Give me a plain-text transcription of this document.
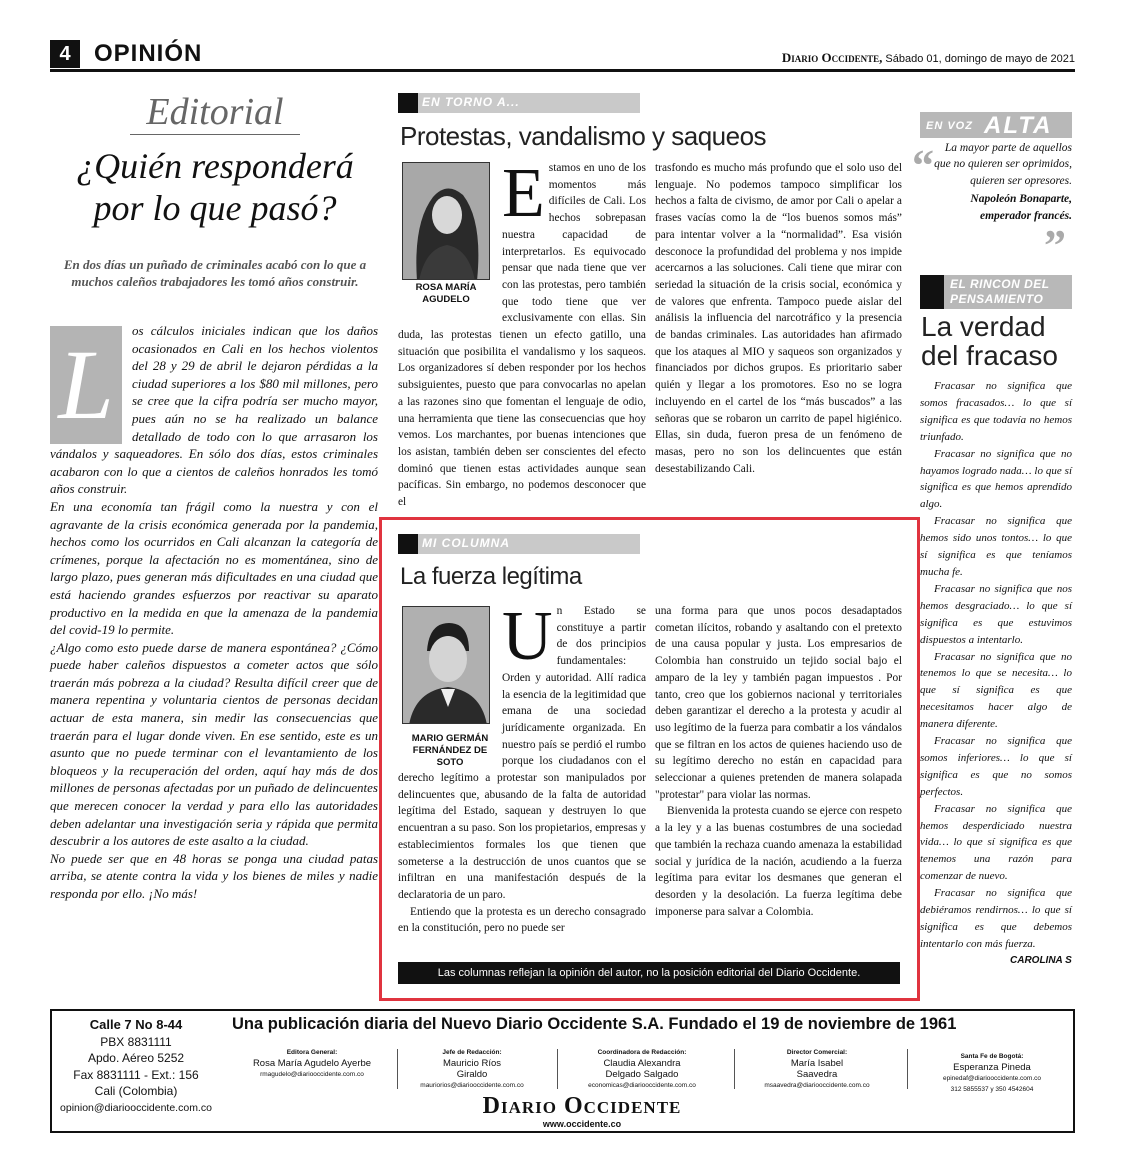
4 OPINIÓN	Diario Occidente, Sábado 01, domingo de mayo de 2021
Editorial
¿Quién responderá por lo que pasó?
En dos días un puñado de criminales acabó con lo que a muchos caleños trabajadores les tomó años construir.
L	os cálculos iniciales indican que los daños ocasionados en Cali en los hechos violentos del 28 y 29 de abril le dejaron pérdidas a la ciudad superiores a los $80 mil millones, pero se cree que la cifra podría ser mucho mayor, pues aún no se ha realizado un balance detallado de todo con lo que arrasaron los vándalos y saqueadores. En sólo dos días, estos criminales acabaron con lo que a cientos de caleños honrados les tomó años construir.

En una economía tan frágil como la nuestra y con el agravante de la crisis económica generada por la pandemia, hechos como los ocurridos en Cali alcanzan la categoría de crímenes, porque la afectación no es momentánea, sino de largo plazo, pues generan más dificultades en una ciudad que está haciendo grandes esfuerzos por reactivar su aparato productivo en la medida en que la amenaza de la pandemia del covid-19 lo permite.

¿Algo como esto puede darse de manera espontánea? ¿Cómo puede haber caleños dispuestos a cometer actos que sólo traerán más pobreza a la ciudad? Resulta difícil creer que de manera repentina y voluntaria cientos de personas decidan actuar de esta manera, sin medir las consecuencias que traerán para el lugar donde viven. En ese sentido, este es un asunto que no puede terminar con el levantamiento de los bloqueos y la recuperación del orden, aquí hay más de dos millones de personas afectadas por un puñado de delincuentes que merecen conocer la verdad y para ello las autoridades deben adelantar una investigación seria y rápida que permita descubrir a los autores de este asalto a la ciudad.

No puede ser que en 48 horas se ponga una ciudad patas arriba, se atente contra la vida y los bienes de miles y nadie responda por ello. ¡No más!

EN TORNO A...
Protestas, vandalismo y saqueos
ROSA MARÍA AGUDELO
E stamos en uno de los momentos más difíciles de Cali. Los hechos sobrepasan nuestra capacidad de interpretarlos. Es equivocado pensar que nada tiene que ver con las protestas, pero también que todo tiene que ver exclusivamente con ellas. Sin duda, las protestas tienen un efecto gatillo, una situación que posibilita el vandalismo y los saqueos. Los organizadores sí deben responder por los hechos subsiguientes, puesto que para convocarlas no apelan a las razones sino que fomentan el lenguaje de odio, una herramienta que tiene las consecuencias que hoy vemos. Los marchantes, por buenas intenciones que los asistan, también deben ser conscientes del efecto dominó que tienen estas actividades aunque sean pacíficas. Sin embargo, no podemos desconocer que el

trasfondo es mucho más profundo que el solo uso del lenguaje. No podemos tampoco simplificar los hechos a falta de civismo, de amor por Cali o apelar a frases vacías como la de “los buenos somos más” para intentar volver a la “normalidad”. Esa visión desconoce la profundidad del problema y nos impide acercarnos a las soluciones. Cali tiene que mirar con seriedad la situación de la crisis social, económica y de valores que enfrenta. Tampoco puede aislar del análisis la influencia del narcotráfico y la presencia de bandas criminales. Las autoridades han afirmado que los ataques al MIO y saqueos son organizados y financiados por dichos grupos. Es prioritario saber quién y llegar a los promotores. Eso no se logra incluyendo en el cartel de los “más buscados” a las señoras que se robaron un carrito de papel higiénico. Ellas, sin duda, fueron presa de un fenómeno de masas, pero no son los delincuentes que están desestabilizando Cali.

MI COLUMNA
La fuerza legítima
MARIO GERMÁN FERNÁNDEZ DE SOTO
U n Estado se constituye a partir de dos principios fundamentales: Orden y autoridad. Allí radica la esencia de la legitimidad que emana de una sociedad jurídicamente organizada. En nuestro país se perdió el rumbo porque los ciudadanos con el derecho legítimo a protestar son manipulados por delincuentes que, abusando de la falta de autoridad legítima del Estado, saquean y destruyen lo que encuentran a su paso. Son los propietarios, empresas y establecimientos formales los que tienen que someterse a la destrucción de unos cuantos que se infiltran en una manifestación después de la declaratoria de un paro.

Entiendo que la protesta es un derecho consagrado en la constitución, pero no puede ser

una forma para que unos pocos desadaptados cometan ilícitos, robando y asaltando con el pretexto de una causa popular y justa. Los empresarios de Colombia han construido un tejido social bajo el amparo de la ley y también pagan impuestos . Por tanto, creo que los gobiernos nacional y territoriales deben garantizar el derecho a la protesta y acudir al uso legítimo de la fuerza para combatir a los vándalos que se filtran en los actos de quienes haciendo uso de su legítimo derecho no están en capacidad para seleccionar a quienes pretenden de manera solapada "protestar" para violar las normas.

Bienvenida la protesta cuando se ejerce con respeto a la ley y a las buenas costumbres de una sociedad que también la rechaza cuando amenaza la estabilidad social y jurídica de la nación, acudiendo a la fuerza legítima para evitar los desmanes que generan el desorden y la desolación. La fuerza legítima debe imponerse para salvar a Colombia.

Las columnas reflejan la opinión del autor, no la posición editorial del Diario Occidente.
EN VOZ ALTA
“ La mayor parte de aquellos que no quieren ser oprimidos, quieren ser opresores.

Napoleón Bonaparte, emperador francés.

”
EL RINCON DEL PENSAMIENTO
La verdad del fracaso

Fracasar no significa que somos fracasados… lo que sí significa es que todavía no hemos triunfado.

Fracasar no significa que no hayamos logrado nada… lo que sí significa es que hemos aprendido algo.

Fracasar no significa que hemos sido unos tontos… lo que sí significa es que teníamos mucha fe.

Fracasar no significa que nos hemos desgraciado… lo que sí significa es que estuvimos dispuestos a intentarlo.

Fracasar no significa que no tenemos lo que se necesita… lo que sí significa es que necesitamos hacer algo de manera diferente.

Fracasar no significa que somos inferiores… lo que sí significa es que no somos perfectos.

Fracasar no significa que hemos desperdiciado nuestra vida… lo que sí significa es que tenemos una razón para comenzar de nuevo.

Fracasar no significa que debiéramos rendirnos… lo que sí significa es que debemos intentarlo con más fuerza.

CAROLINA S
Calle 7 No 8-44
PBX 8831111
Apdo. Aéreo 5252
Fax 8831111 - Ext.: 156
Cali (Colombia)
opinion@diariooccidente.com.co
Una publicación diaria del Nuevo Diario Occidente S.A. Fundado el 19 de noviembre de 1961
Editora General:
Rosa María Agudelo Ayerbe
rmagudelo@diariooccidente.com.co
Jefe de Redacción:
Mauricio Ríos Giraldo
mauriorios@diariooccidente.com.co
Coordinadora de Redacción:
Claudia Alexandra Delgado Salgado
economicas@diariooccidente.com.co
Director Comercial:
María Isabel Saavedra
msaavedra@diariooccidente.com.co
Santa Fe de Bogotá:
Esperanza Pineda
epinedaf@diariooccidente.com.co
312 5855537 y 350 4542604
Diario Occidente
www.occidente.co
